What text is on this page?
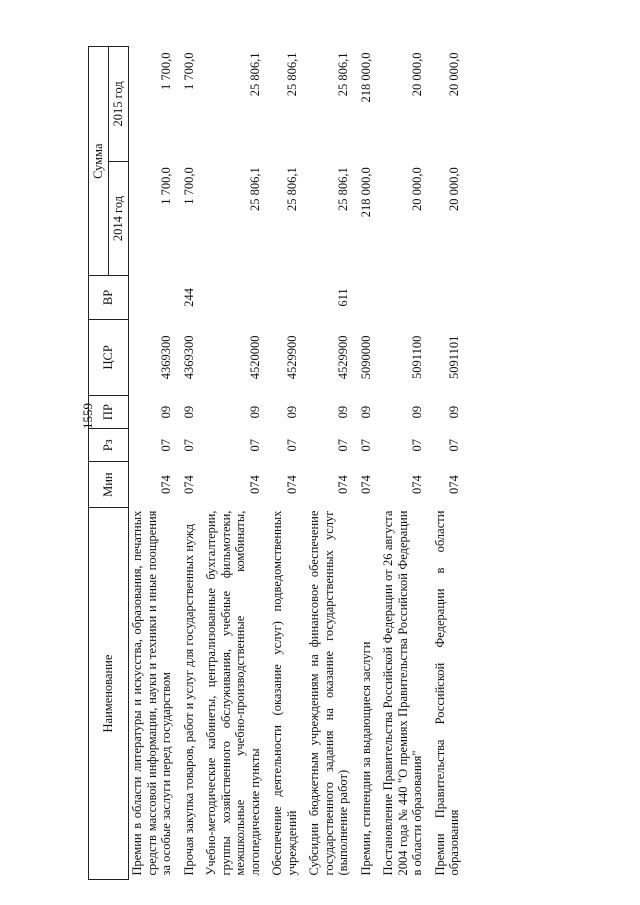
1559
Наименование	Мин	Рз	ПР	ЦСР	ВР	Сумма	
						2014 год	2015 год
Премии в области литературы и искусства, образования, печатных средств массовой информации, науки и техники и иные поощрения за особые заслуги перед государством	074	07	09	4369300		1 700,0	1 700,0
Прочая закупка товаров, работ и услуг для государственных нужд	074	07	09	4369300	244	1 700,0	1 700,0
Учебно-методические кабинеты, централизованные бухгалтерии, группы хозяйственного обслуживания, учебные фильмотеки, межшкольные учебно-производственные комбинаты, логопедические пункты	074	07	09	4520000		25 806,1	25 806,1
Обеспечение деятельности (оказание услуг) подведомственных учреждений	074	07	09	4529900		25 806,1	25 806,1
Субсидии бюджетным учреждениям на финансовое обеспечение государственного задания на оказание государственных услуг (выполнение работ)	074	07	09	4529900	611	25 806,1	25 806,1
Премии, стипендии за выдающиеся заслуги	074	07	09	5090000		218 000,0	218 000,0
Постановление Правительства Российской Федерации от 26 августа 2004 года № 440 "О премиях Правительства Российской Федерации в области образования"	074	07	09	5091100		20 000,0	20 000,0
Премии Правительства Российской Федерации в области образования	074	07	09	5091101		20 000,0	20 000,0
